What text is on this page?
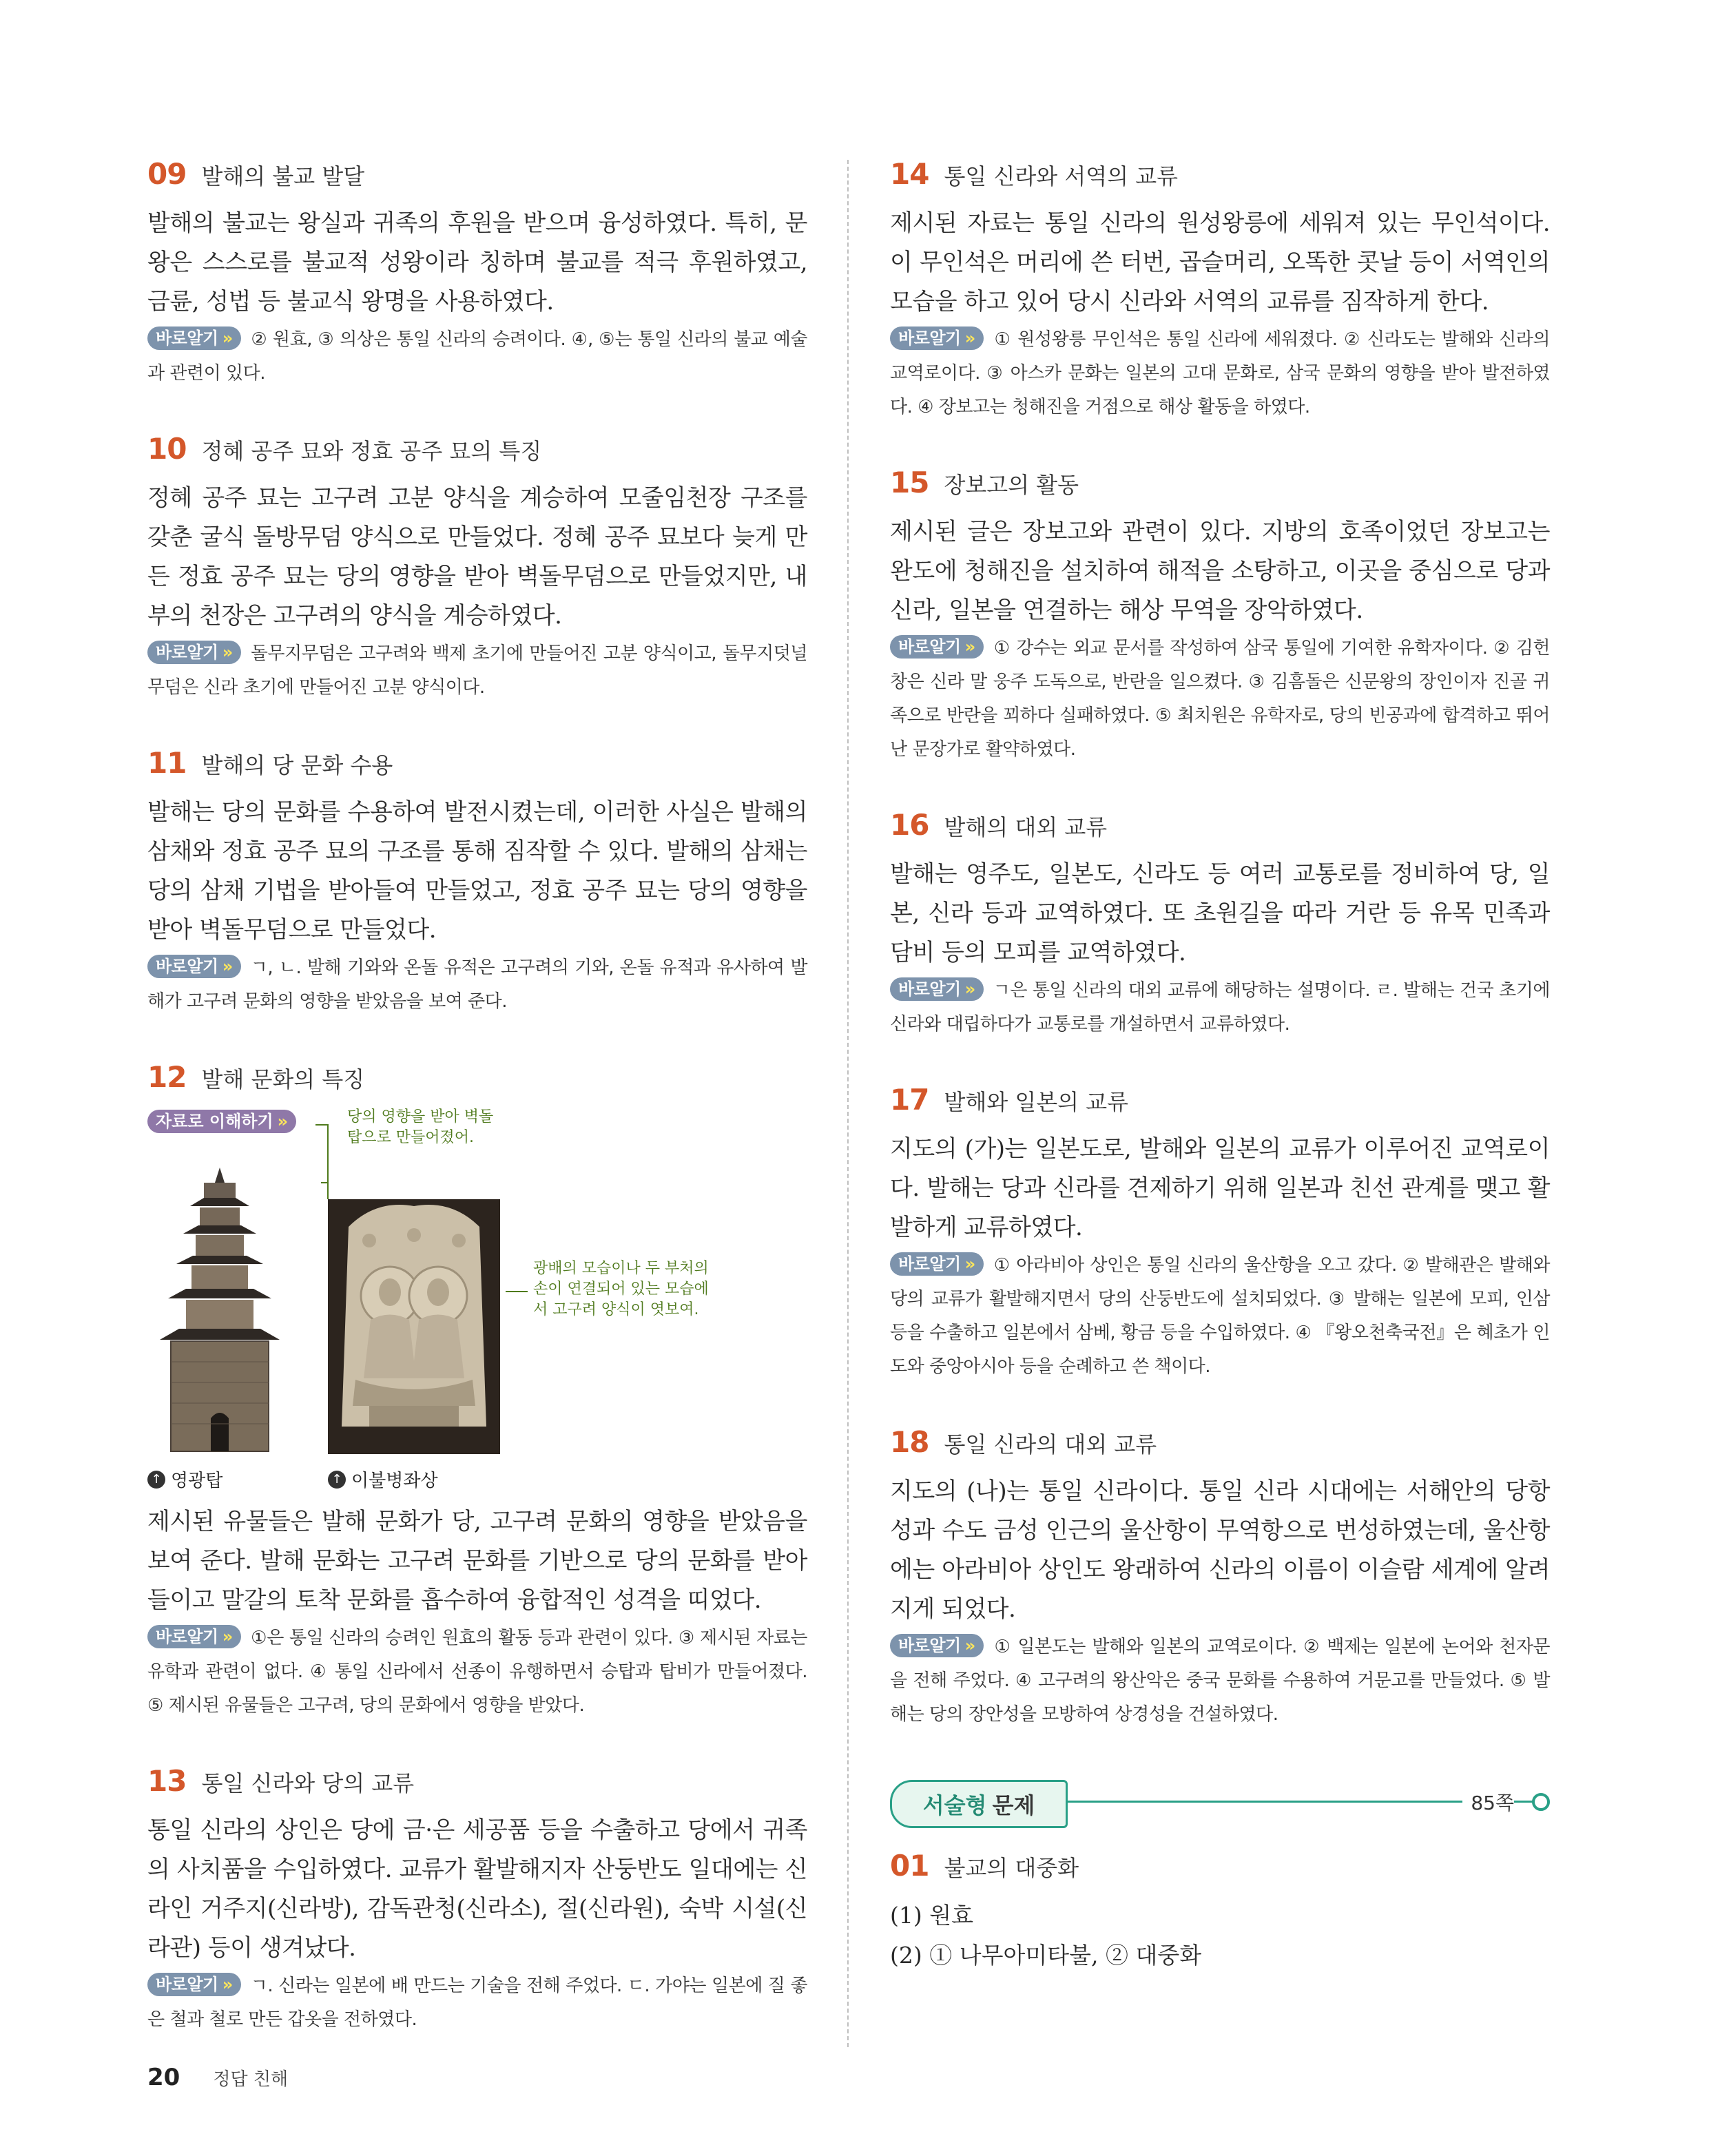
09 발해의 불교 발달
발해의 불교는 왕실과 귀족의 후원을 받으며 융성하였다. 특히, 문왕은 스스로를 불교적 성왕이라 칭하며 불교를 적극 후원하였고, 금륜, 성법 등 불교식 왕명을 사용하였다.
바로알기 » ② 원효, ③ 의상은 통일 신라의 승려이다. ④, ⑤는 통일 신라의 불교 예술과 관련이 있다.
10 정혜 공주 묘와 정효 공주 묘의 특징
정혜 공주 묘는 고구려 고분 양식을 계승하여 모줄임천장 구조를 갖춘 굴식 돌방무덤 양식으로 만들었다. 정혜 공주 묘보다 늦게 만든 정효 공주 묘는 당의 영향을 받아 벽돌무덤으로 만들었지만, 내부의 천장은 고구려의 양식을 계승하였다.
바로알기 » 돌무지무덤은 고구려와 백제 초기에 만들어진 고분 양식이고, 돌무지덧널무덤은 신라 초기에 만들어진 고분 양식이다.
11 발해의 당 문화 수용
발해는 당의 문화를 수용하여 발전시켰는데, 이러한 사실은 발해의 삼채와 정효 공주 묘의 구조를 통해 짐작할 수 있다. 발해의 삼채는 당의 삼채 기법을 받아들여 만들었고, 정효 공주 묘는 당의 영향을 받아 벽돌무덤으로 만들었다.
바로알기 » ㄱ, ㄴ. 발해 기와와 온돌 유적은 고구려의 기와, 온돌 유적과 유사하여 발해가 고구려 문화의 영향을 받았음을 보여 준다.
12 발해 문화의 특징
자료로 이해하기 »	당의 영향을 받아 벽돌
탑으로 만들어졌어.
광배의 모습이나 두 부처의
손이 연결되어 있는 모습에
서 고구려 양식이 엿보여.
↑ 영광탑	↑ 이불병좌상
제시된 유물들은 발해 문화가 당, 고구려 문화의 영향을 받았음을 보여 준다. 발해 문화는 고구려 문화를 기반으로 당의 문화를 받아들이고 말갈의 토착 문화를 흡수하여 융합적인 성격을 띠었다.
바로알기 » ①은 통일 신라의 승려인 원효의 활동 등과 관련이 있다. ③ 제시된 자료는 유학과 관련이 없다. ④ 통일 신라에서 선종이 유행하면서 승탑과 탑비가 만들어졌다. ⑤ 제시된 유물들은 고구려, 당의 문화에서 영향을 받았다.
13 통일 신라와 당의 교류
통일 신라의 상인은 당에 금·은 세공품 등을 수출하고 당에서 귀족의 사치품을 수입하였다. 교류가 활발해지자 산둥반도 일대에는 신라인 거주지(신라방), 감독관청(신라소), 절(신라원), 숙박 시설(신라관) 등이 생겨났다.
바로알기 » ㄱ. 신라는 일본에 배 만드는 기술을 전해 주었다. ㄷ. 가야는 일본에 질 좋은 철과 철로 만든 갑옷을 전하였다.
14 통일 신라와 서역의 교류
제시된 자료는 통일 신라의 원성왕릉에 세워져 있는 무인석이다. 이 무인석은 머리에 쓴 터번, 곱슬머리, 오똑한 콧날 등이 서역인의 모습을 하고 있어 당시 신라와 서역의 교류를 짐작하게 한다.
바로알기 » ① 원성왕릉 무인석은 통일 신라에 세워졌다. ② 신라도는 발해와 신라의 교역로이다. ③ 아스카 문화는 일본의 고대 문화로, 삼국 문화의 영향을 받아 발전하였다. ④ 장보고는 청해진을 거점으로 해상 활동을 하였다.
15 장보고의 활동
제시된 글은 장보고와 관련이 있다. 지방의 호족이었던 장보고는 완도에 청해진을 설치하여 해적을 소탕하고, 이곳을 중심으로 당과 신라, 일본을 연결하는 해상 무역을 장악하였다.
바로알기 » ① 강수는 외교 문서를 작성하여 삼국 통일에 기여한 유학자이다. ② 김헌창은 신라 말 웅주 도독으로, 반란을 일으켰다. ③ 김흠돌은 신문왕의 장인이자 진골 귀족으로 반란을 꾀하다 실패하였다. ⑤ 최치원은 유학자로, 당의 빈공과에 합격하고 뛰어난 문장가로 활약하였다.
16 발해의 대외 교류
발해는 영주도, 일본도, 신라도 등 여러 교통로를 정비하여 당, 일본, 신라 등과 교역하였다. 또 초원길을 따라 거란 등 유목 민족과 담비 등의 모피를 교역하였다.
바로알기 » ㄱ은 통일 신라의 대외 교류에 해당하는 설명이다. ㄹ. 발해는 건국 초기에 신라와 대립하다가 교통로를 개설하면서 교류하였다.
17 발해와 일본의 교류
지도의 (가)는 일본도로, 발해와 일본의 교류가 이루어진 교역로이다. 발해는 당과 신라를 견제하기 위해 일본과 친선 관계를 맺고 활발하게 교류하였다.
바로알기 » ① 아라비아 상인은 통일 신라의 울산항을 오고 갔다. ② 발해관은 발해와 당의 교류가 활발해지면서 당의 산둥반도에 설치되었다. ③ 발해는 일본에 모피, 인삼 등을 수출하고 일본에서 삼베, 황금 등을 수입하였다. ④ 『왕오천축국전』은 혜초가 인도와 중앙아시아 등을 순례하고 쓴 책이다.
18 통일 신라의 대외 교류
지도의 (나)는 통일 신라이다. 통일 신라 시대에는 서해안의 당항성과 수도 금성 인근의 울산항이 무역항으로 번성하였는데, 울산항에는 아라비아 상인도 왕래하여 신라의 이름이 이슬람 세계에 알려지게 되었다.
바로알기 » ① 일본도는 발해와 일본의 교역로이다. ② 백제는 일본에 논어와 천자문을 전해 주었다. ④ 고구려의 왕산악은 중국 문화를 수용하여 거문고를 만들었다. ⑤ 발해는 당의 장안성을 모방하여 상경성을 건설하였다.
서술형 문제	85쪽
01 불교의 대중화
(1) 원효
(2) ① 나무아미타불, ② 대중화
20 정답 친해
